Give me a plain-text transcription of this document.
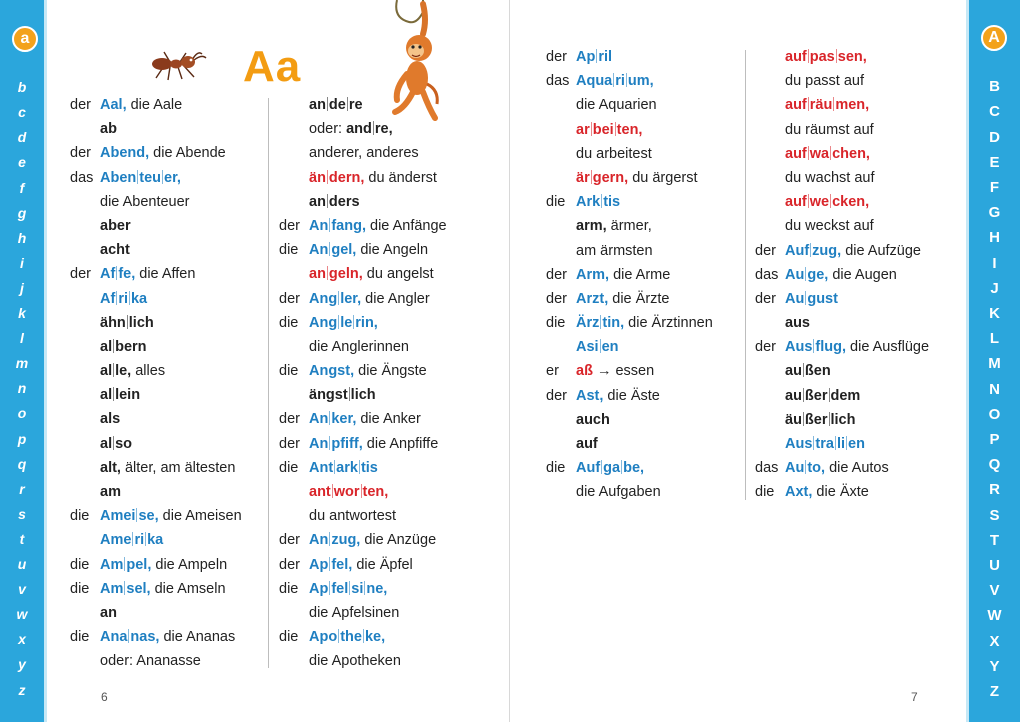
a
b
c
d
e
f
g
h
i
j
k
l
m
n
o
p
q
r
s
t
u
v
w
x
y
z
A
B
C
D
E
F
G
H
I
J
K
L
M
N
O
P
Q
R
S
T
U
V
W
X
Y
Z
Aa
der Aal, die Aale
ab
der Abend, die Abende
das Aben teu er,
die Abenteuer
aber
acht
der Af fe, die Affen
Af ri ka
ähn lich
al bern
al le, alles
al lein
als
al so
alt, älter, am ältesten
am
die Amei se, die Ameisen
Ame ri ka
die Am pel, die Ampeln
die Am sel, die Amseln
an
die Ana nas, die Ananas
oder: Ananasse
an de re
oder: and re,
anderer, anderes
än dern, du änderst
an ders
der An fang, die Anfänge
die An gel, die Angeln
an geln, du angelst
der Ang ler, die Angler
die Ang le rin,
die Anglerinnen
die Angst, die Ängste
ängst lich
der An ker, die Anker
der An pfiff, die Anpfiffe
die Ant ark tis
ant wor ten,
du antwortest
der An zug, die Anzüge
der Ap fel, die Äpfel
die Ap fel si ne,
die Apfelsinen
die Apo the ke,
die Apotheken
der Ap ril
das Aqua ri um,
die Aquarien
ar bei ten,
du arbeitest
är gern, du ärgerst
die Ark tis
arm, ärmer,
am ärmsten
der Arm, die Arme
der Arzt, die Ärzte
die Ärz tin, die Ärztinnen
Asi en
er aß → essen
der Ast, die Äste
auch
auf
die Auf ga be,
die Aufgaben
auf pas sen,
du passt auf
auf räu men,
du räumst auf
auf wa chen,
du wachst auf
auf we cken,
du weckst auf
der Auf zug, die Aufzüge
das Au ge, die Augen
der Au gust
aus
der Aus flug, die Ausflüge
au ßen
au ßer dem
äu ßer lich
Aus tra li en
das Au to, die Autos
die Axt, die Äxte
6	7
